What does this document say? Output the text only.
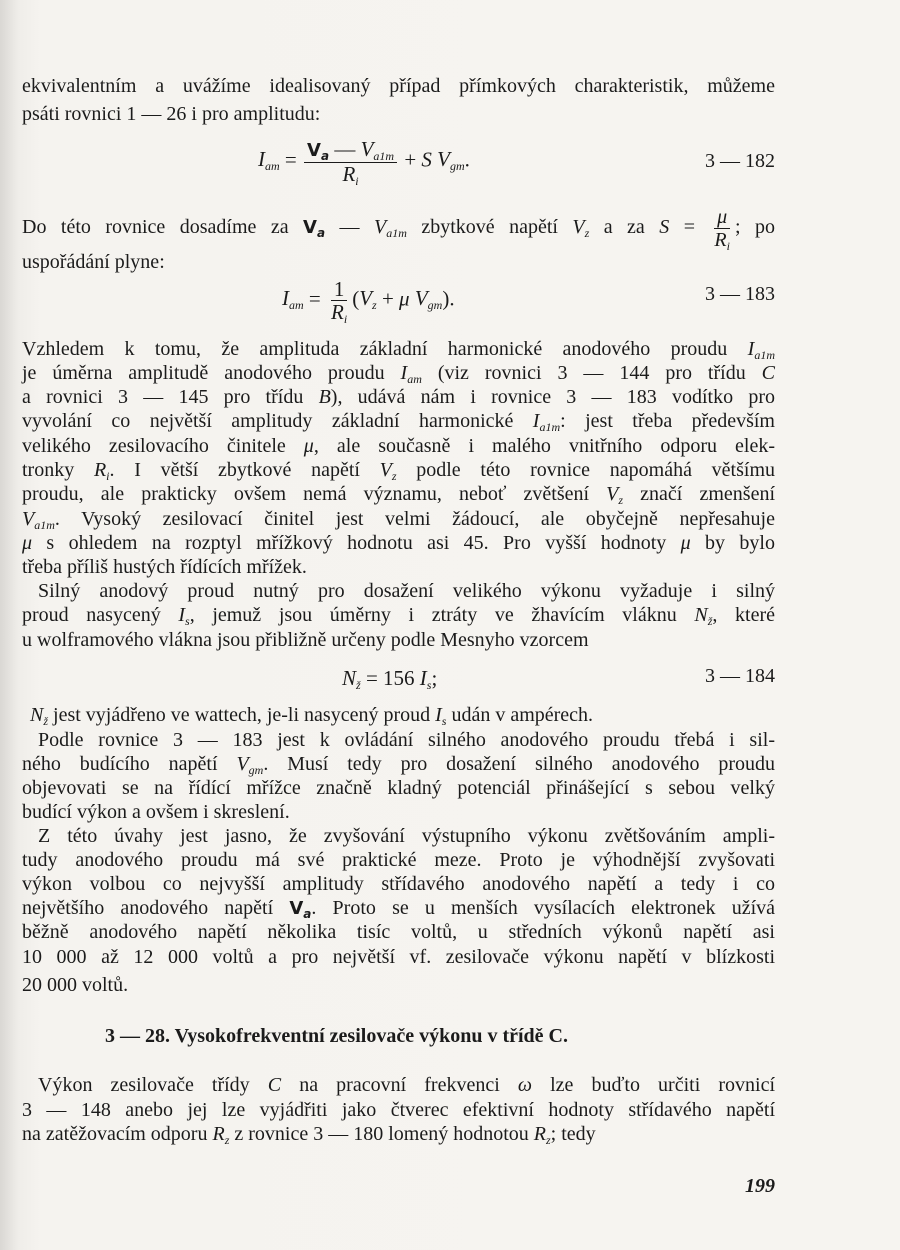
ekvivalentním a uvážíme idealisovaný případ přímkových charakteristik, můžeme
psáti rovnici 1 — 26 i pro amplitudu:
$I_{am} = \frac{V_a — V_{a1m}}{R_i} + S$ $V_{gm}$.	3 — 182
Do této rovnice dosadíme za $V_a$ — $V_{a1m}$ zbytkové napětí $V_z$ a za $S = \frac{\mu}{R_i}$ ; po
uspořádání plyne:
$I_{am} = \frac{1}{R_i} (V_z + \mu$ $V_{gm}$).	3 — 183
Vzhledem k tomu, že amplituda základní harmonické anodového proudu $I_{a1m}$
je úměrna amplitudě anodového proudu $I_{am}$ (viz rovnici 3 — 144 pro třídu C
a rovnici 3 — 145 pro třídu B), udává nám i rovnice 3 — 183 vodítko pro
vyvolání co největší amplitudy základní harmonické $I_{a1m}$: jest třeba především
velikého zesilovacího činitele μ, ale současně i malého vnitřního odporu elek-
tronky $R_i$. I větší zbytkové napětí $V_z$ podle této rovnice napomáhá většímu
proudu, ale prakticky ovšem nemá významu, neboť zvětšení $V_z$ značí zmenšení
$V_{a1m}$. Vysoký zesilovací činitel jest velmi žádoucí, ale obyčejně nepřesahuje
μ s ohledem na rozptyl mřížkový hodnotu asi 45. Pro vyšší hodnoty μ by bylo
třeba příliš hustých řídících mřížek.
Silný anodový proud nutný pro dosažení velikého výkonu vyžaduje i silný
proud nasycený $I_s$, jemuž jsou úměrny i ztráty ve žhavícím vláknu $N_ž$, které
u wolframového vlákna jsou přibližně určeny podle Mesnyho vzorcem
$N_ž = 156$ $I_s$;	3 — 184
$N_ž$ jest vyjádřeno ve wattech, je-li nasycený proud $I_s$ udán v ampérech.
Podle rovnice 3 — 183 jest k ovládání silného anodového proudu třebá i sil-
ného budícího napětí $V_{gm}$. Musí tedy pro dosažení silného anodového proudu
objevovati se na řídící mřížce značně kladný potenciál přinášející s sebou velký
budící výkon a ovšem i skreslení.
Z této úvahy jest jasno, že zvyšování výstupního výkonu zvětšováním ampli-
tudy anodového proudu má své praktické meze. Proto je výhodnější zvyšovati
výkon volbou co nejvyšší amplitudy střídavého anodového napětí a tedy i co
největšího anodového napětí $V_a$. Proto se u menších vysílacích elektronek užívá
běžně anodového napětí několika tisíc voltů, u středních výkonů napětí asi
10 000 až 12 000 voltů a pro největší vf. zesilovače výkonu napětí v blízkosti
20 000 voltů.
3 — 28. Vysokofrekventní zesilovače výkonu v třídě C.
Výkon zesilovače třídy C na pracovní frekvenci ω lze buďto určiti rovnicí
3 — 148 anebo jej lze vyjádřiti jako čtverec efektivní hodnoty střídavého napětí
na zatěžovacím odporu $R_z$ z rovnice 3 — 180 lomený hodnotou $R_z$; tedy
199
